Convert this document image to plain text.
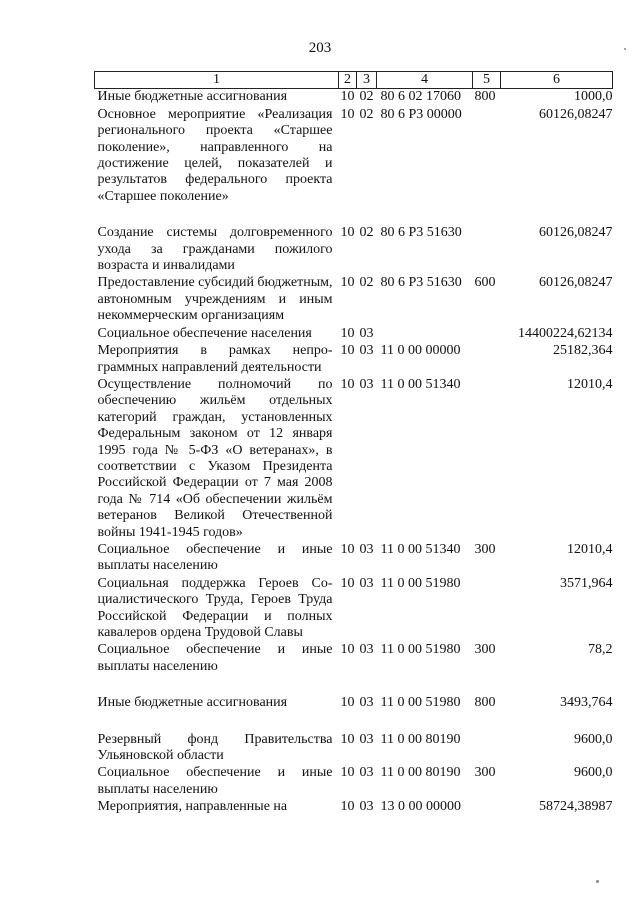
203
1	2	3	4	5	6
Иные бюджетные ассигнования	10	02	80 6 02 17060	800	1000,0
Основное мероприятие «Реализация регионального проекта «Старшее поколение», направленного на достижение целей, показателей и результатов федерального проекта «Старшее поколение»	10	02	80 6 Р3 00000		60126,08247
Создание системы долговременного ухода за гражданами пожилого возраста и инвалидами	10	02	80 6 Р3 51630		60126,08247
Предоставление субсидий бюджетным, автономным учреждениям и иным некоммерческим организациям	10	02	80 6 Р3 51630	600	60126,08247
Социальное обеспечение населения	10	03			14400224,62134
Мероприятия в рамках непрограммных направлений деятельности	10	03	11 0 00 00000		25182,364
Осуществление полномочий по обеспечению жильём отдельных категорий граждан, установленных Федеральным законом от 12 января 1995 года № 5-ФЗ «О ветеранах», в соответствии с Указом Президента Российской Федерации от 7 мая 2008 года № 714 «Об обеспечении жильём ветеранов Великой Отечественной войны 1941-1945 годов»	10	03	11 0 00 51340		12010,4
Социальное обеспечение и иные выплаты населению	10	03	11 0 00 51340	300	12010,4
Социальная поддержка Героев Социалистического Труда, Героев Труда Российской Федерации и полных кавалеров ордена Трудовой Славы	10	03	11 0 00 51980		3571,964
Социальное обеспечение и иные выплаты населению	10	03	11 0 00 51980	300	78,2
Иные бюджетные ассигнования	10	03	11 0 00 51980	800	3493,764
Резервный фонд Правительства Ульяновской области	10	03	11 0 00 80190		9600,0
Социальное обеспечение и иные выплаты населению	10	03	11 0 00 80190	300	9600,0
Мероприятия, направленные на	10	03	13 0 00 00000		58724,38987
